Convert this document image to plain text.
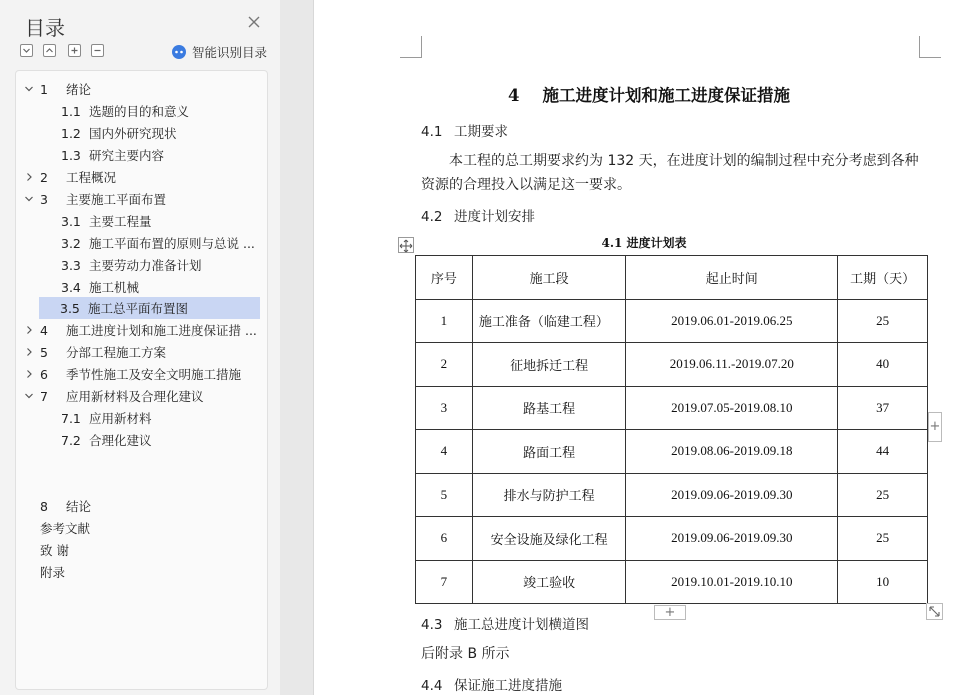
目录
智能识别目录
1	绪论
1.1 选题的目的和意义
1.2 国内外研究现状
1.3 研究主要内容
2	工程概况
3	主要施工平面布置
3.1 主要工程量
3.2 施工平面布置的原则与总说 ...
3.3 主要劳动力准备计划
3.4 施工机械
3.5 施工总平面布置图
4	施工进度计划和施工进度保证措 ...
5	分部工程施工方案
6	季节性施工及安全文明施工措施
7	应用新材料及合理化建议
7.1 应用新材料
7.2 合理化建议
8	结论
参考文献
致 谢
附录
4 施工进度计划和施工进度保证措施
4.1 工期要求
本工程的总工期要求约为 132 天，在进度计划的编制过程中充分考虑到各种
资源的合理投入以满足这一要求。
4.2 进度计划安排
4.1 进度计划表
序号	施工段	起止时间	工期（天）
1	施工准备（临建工程）	2019.06.01-2019.06.25	25
2	征地拆迁工程	2019.06.11.-2019.07.20	40
3	路基工程	2019.07.05-2019.08.10	37
4	路面工程	2019.08.06-2019.09.18	44
5	排水与防护工程	2019.09.06-2019.09.30	25
6	安全设施及绿化工程	2019.09.06-2019.09.30	25
7	竣工验收	2019.10.01-2019.10.10	10
+
+
4.3 施工总进度计划横道图
后附录 B 所示
4.4 保证施工进度措施
